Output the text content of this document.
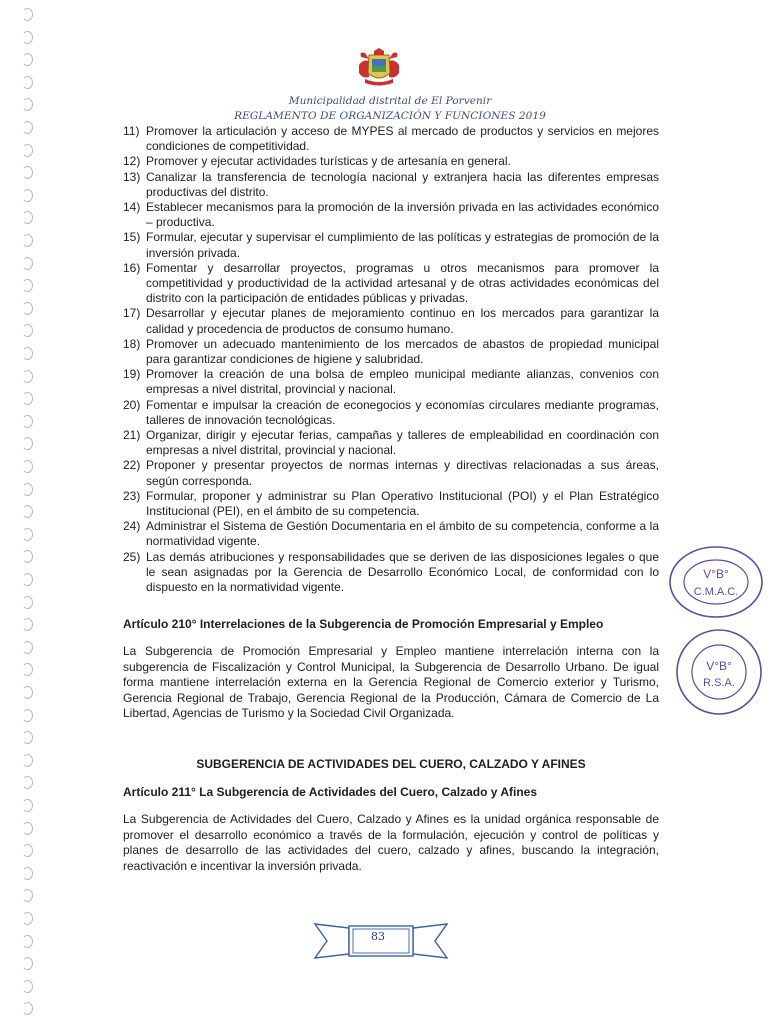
Municipalidad distrital de El Porvenir
REGLAMENTO DE ORGANIZACIÓN Y FUNCIONES 2019
11) Promover la articulación y acceso de MYPES al mercado de productos y servicios en mejores condiciones de competitividad.
12) Promover y ejecutar actividades turísticas y de artesanía en general.
13) Canalizar la transferencia de tecnología nacional y extranjera hacia las diferentes empresas productivas del distrito.
14) Establecer mecanismos para la promoción de la inversión privada en las actividades económico – productiva.
15) Formular, ejecutar y supervisar el cumplimiento de las políticas y estrategias de promoción de la inversión privada.
16) Fomentar y desarrollar proyectos, programas u otros mecanismos para promover la competitividad y productividad de la actividad artesanal y de otras actividades económicas del distrito con la participación de entidades públicas y privadas.
17) Desarrollar y ejecutar planes de mejoramiento continuo en los mercados para garantizar la calidad y procedencia de productos de consumo humano.
18) Promover un adecuado mantenimiento de los mercados de abastos de propiedad municipal para garantizar condiciones de higiene y salubridad.
19) Promover la creación de una bolsa de empleo municipal mediante alianzas, convenios con empresas a nivel distrital, provincial y nacional.
20) Fomentar e impulsar la creación de econegocios y economías circulares mediante programas, talleres de innovación tecnológicas.
21) Organizar, dirigir y ejecutar ferias, campañas y talleres de empleabilidad en coordinación con empresas a nivel distrital, provincial y nacional.
22) Proponer y presentar proyectos de normas internas y directivas relacionadas a sus áreas, según corresponda.
23) Formular, proponer y administrar su Plan Operativo Institucional (POI) y el Plan Estratégico Institucional (PEI), en el ámbito de su competencia.
24) Administrar el Sistema de Gestión Documentaria en el ámbito de su competencia, conforme a la normatividad vigente.
25) Las demás atribuciones y responsabilidades que se deriven de las disposiciones legales o que le sean asignadas por la Gerencia de Desarrollo Económico Local, de conformidad con lo dispuesto en la normatividad vigente.
Artículo 210° Interrelaciones de la Subgerencia de Promoción Empresarial y Empleo
La Subgerencia de Promoción Empresarial y Empleo mantiene interrelación interna con la subgerencia de Fiscalización y Control Municipal, la Subgerencia de Desarrollo Urbano. De igual forma mantiene interrelación externa en la Gerencia Regional de Comercio exterior y Turismo, Gerencia Regional de Trabajo, Gerencia Regional de la Producción, Cámara de Comercio de La Libertad, Agencias de Turismo y la Sociedad Civil Organizada.
SUBGERENCIA DE ACTIVIDADES DEL CUERO, CALZADO Y AFINES
Artículo 211° La Subgerencia de Actividades del Cuero, Calzado y Afines
La Subgerencia de Actividades del Cuero, Calzado y Afines es la unidad orgánica responsable de promover el desarrollo económico a través de la formulación, ejecución y control de políticas y planes de desarrollo de las actividades del cuero, calzado y afines, buscando la integración, reactivación e incentivar la inversión privada.
V°B°
C.M.A.C.
V°B°
R.S.A.
83
